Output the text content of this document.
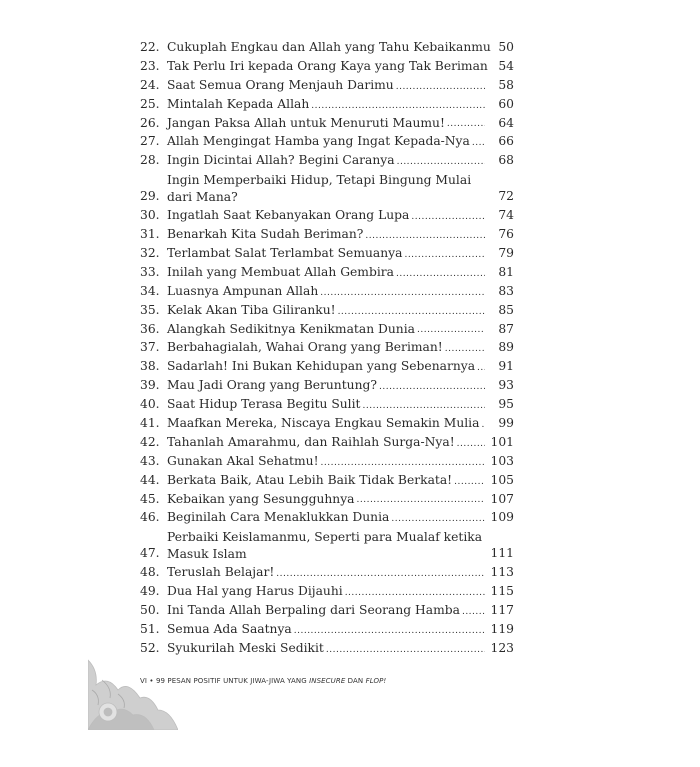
22. Cukuplah Engkau dan Allah yang Tahu Kebaikanmu 50
23. Tak Perlu Iri kepada Orang Kaya yang Tak Beriman 54
24. Saat Semua Orang Menjauh Darimu .....	58
25. Mintalah Kepada Allah .....	60
26. Jangan Paksa Allah untuk Menuruti Maumu! .....	64
27. Allah Mengingat Hamba yang Ingat Kepada-Nya .....	66
28. Ingin Dicintai Allah? Begini Caranya .....	68
29.
Ingin Memperbaiki Hidup, Tetapi Bingung Mulai dari Mana?	72
30. Ingatlah Saat Kebanyakan Orang Lupa .....	74
31. Benarkah Kita Sudah Beriman? .....	76
32. Terlambat Salat Terlambat Semuanya .....	79
33. Inilah yang Membuat Allah Gembira .....	81
34. Luasnya Ampunan Allah .....	83
35. Kelak Akan Tiba Giliranku! .....	85
36. Alangkah Sedikitnya Kenikmatan Dunia .....	87
37. Berbahagialah, Wahai Orang yang Beriman! .....	89
38. Sadarlah! Ini Bukan Kehidupan yang Sebenarnya .....	91
39. Mau Jadi Orang yang Beruntung? .....	93
40. Saat Hidup Terasa Begitu Sulit .....	95
41. Maafkan Mereka, Niscaya Engkau Semakin Mulia .....	99
42. Tahanlah Amarahmu, dan Raihlah Surga-Nya! .....	101
43. Gunakan Akal Sehatmu! .....	103
44. Berkata Baik, Atau Lebih Baik Tidak Berkata! .....	105
45. Kebaikan yang Sesungguhnya .....	107
46. Beginilah Cara Menaklukkan Dunia .....	109
47.
Perbaiki Keislamanmu, Seperti para Mualaf ketika Masuk Islam	111
48. Teruslah Belajar! .....	113
49. Dua Hal yang Harus Dijauhi .....	115
50. Ini Tanda Allah Berpaling dari Seorang Hamba ..... 117
51. Semua Ada Saatnya .....	119
52. Syukurilah Meski Sedikit .....	123
VI • 99 PESAN POSITIF UNTUK JIWA-JIWA YANG INSECURE DAN FLOP!
